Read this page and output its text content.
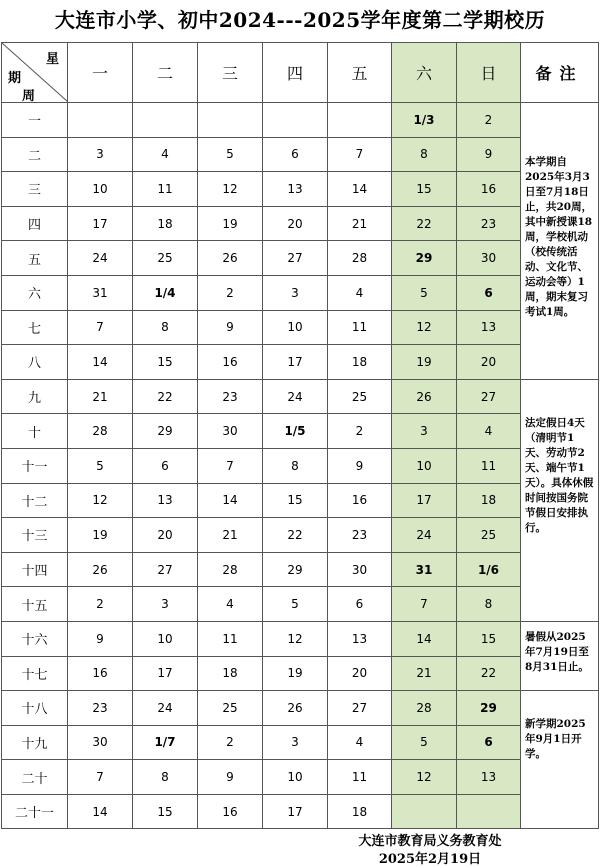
大连市小学、初中2024---2025学年度第二学期校历
星
期
周	一	二	三	四	五	六	日	备注
一						1/3	2	本学期自2025年3月3日至7月18日止，共20周，其中新授课18周，学校机动（校传统活动、文化节、运动会等）1周，期末复习考试1周。

二	3	4	5	6	7	8	9	
三	10	11	12	13	14	15	16	
四	17	18	19	20	21	22	23	
五	24	25	26	27	28	29	30	
六	31	1/4	2	3	4	5	6	
七	7	8	9	10	11	12	13	
八	14	15	16	17	18	19	20	
九	21	22	23	24	25	26	27	法定假日4天（清明节1天、劳动节2天、端午节1天）。具体休假时间按国务院节假日安排执行。

十	28	29	30	1/5	2	3	4	
十一	5	6	7	8	9	10	11	
十二	12	13	14	15	16	17	18	
十三	19	20	21	22	23	24	25	
十四	26	27	28	29	30	31	1/6	
十五	2	3	4	5	6	7	8	
十六	9	10	11	12	13	14	15	暑假从2025年7月19日至8月31日止。

十七	16	17	18	19	20	21	22	
十八	23	24	25	26	27	28	29	新学期2025年9月1日开学。

十九	30	1/7	2	3	4	5	6	
二十	7	8	9	10	11	12	13	
二十一	14	15	16	17	18			
大连市教育局义务教育处
2025年2月19日
